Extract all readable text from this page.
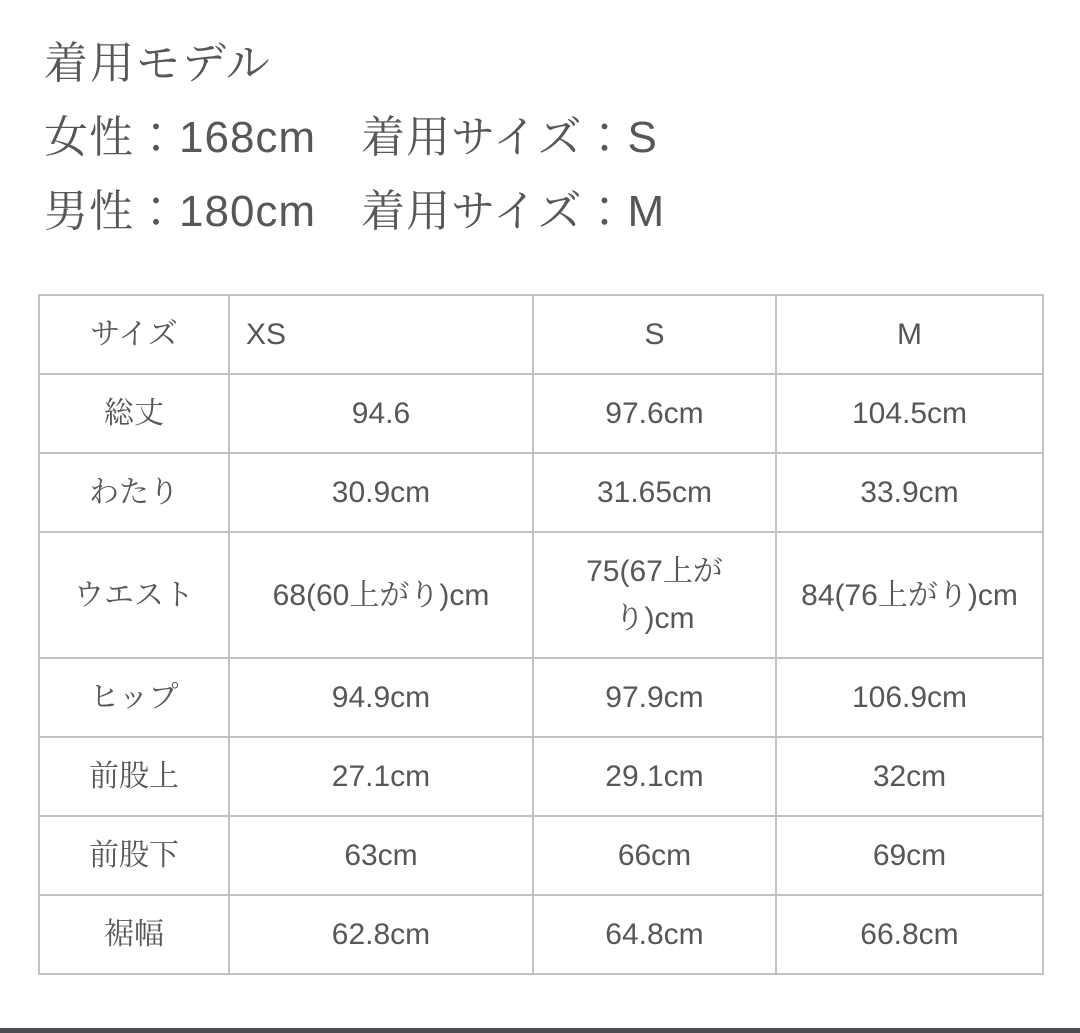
着用モデル
女性：168cm　着用サイズ：S
男性：180cm　着用サイズ：M
サイズ	XS	S	M
総丈	94.6	97.6cm	104.5cm
わたり	30.9cm	31.65cm	33.9cm
ウエスト	68(60上がり)cm	75(67上がり)cm	84(76上がり)cm
ヒップ	94.9cm	97.9cm	106.9cm
前股上	27.1cm	29.1cm	32cm
前股下	63cm	66cm	69cm
裾幅	62.8cm	64.8cm	66.8cm
